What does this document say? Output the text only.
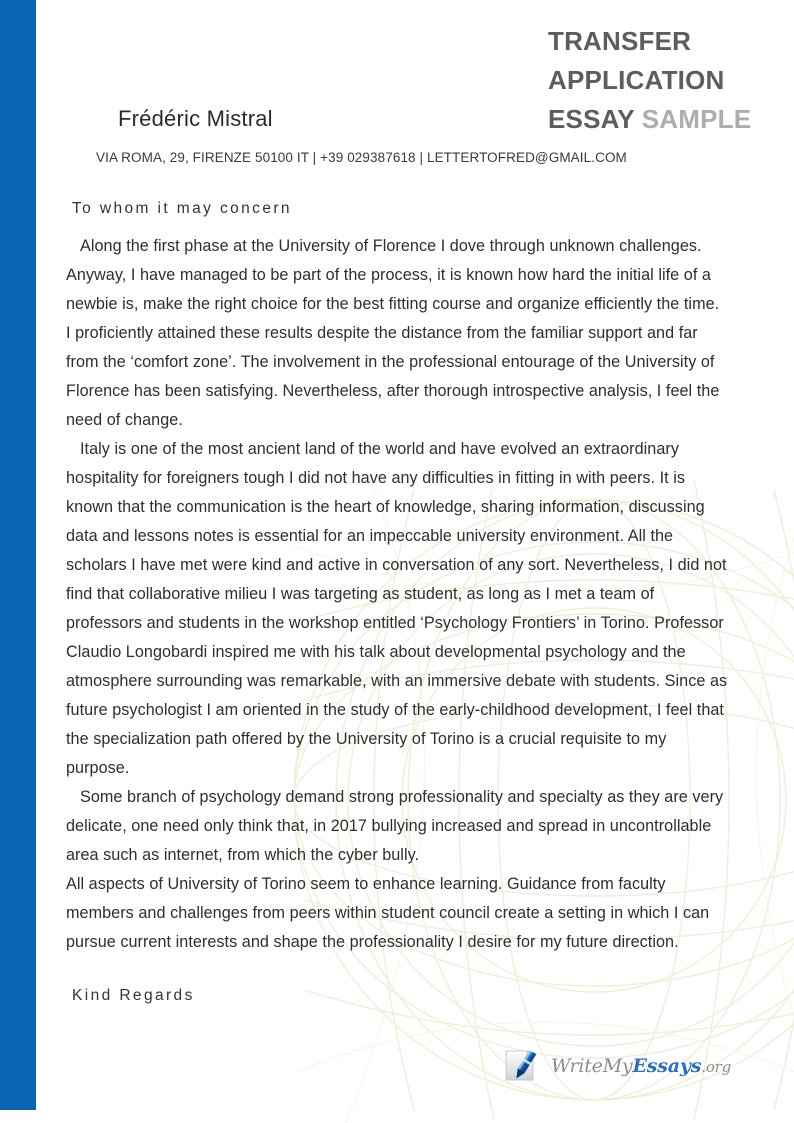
TRANSFER
APPLICATION
ESSAY SAMPLE
Frédéric Mistral
VIA ROMA, 29, FIRENZE 50100 IT | +39 029387618 | LETTERTOFRED@GMAIL.COM

To whom it may concern

Along the first phase at the University of Florence I dove through unknown challenges. Anyway, I have managed to be part of the process, it is known how hard the initial life of a newbie is, make the right choice for the best fitting course and organize efficiently the time. I proficiently attained these results despite the distance from the familiar support and far from the ‘comfort zone’. The involvement in the professional entourage of the University of Florence has been satisfying. Nevertheless, after thorough introspective analysis, I feel the need of change.

Italy is one of the most ancient land of the world and have evolved an extraordinary hospitality for foreigners tough I did not have any difficulties in fitting in with peers. It is known that the communication is the heart of knowledge, sharing information, discussing data and lessons notes is essential for an impeccable university environment. All the scholars I have met were kind and active in conversation of any sort. Nevertheless, I did not find that collaborative milieu I was targeting as student, as long as I met a team of professors and students in the workshop entitled ‘Psychology Frontiers’ in Torino. Professor Claudio Longobardi inspired me with his talk about developmental psychology and the atmosphere surrounding was remarkable, with an immersive debate with students. Since as future psychologist I am oriented in the study of the early-childhood development, I feel that the specialization path offered by the University of Torino is a crucial requisite to my purpose.

Some branch of psychology demand strong professionality and specialty as they are very delicate, one need only think that, in 2017 bullying increased and spread in uncontrollable area such as internet, from which the cyber bully.

All aspects of University of Torino seem to enhance learning. Guidance from faculty members and challenges from peers within student council create a setting in which I can pursue current interests and shape the professionality I desire for my future direction.

Kind Regards

WriteMyEssays.org
